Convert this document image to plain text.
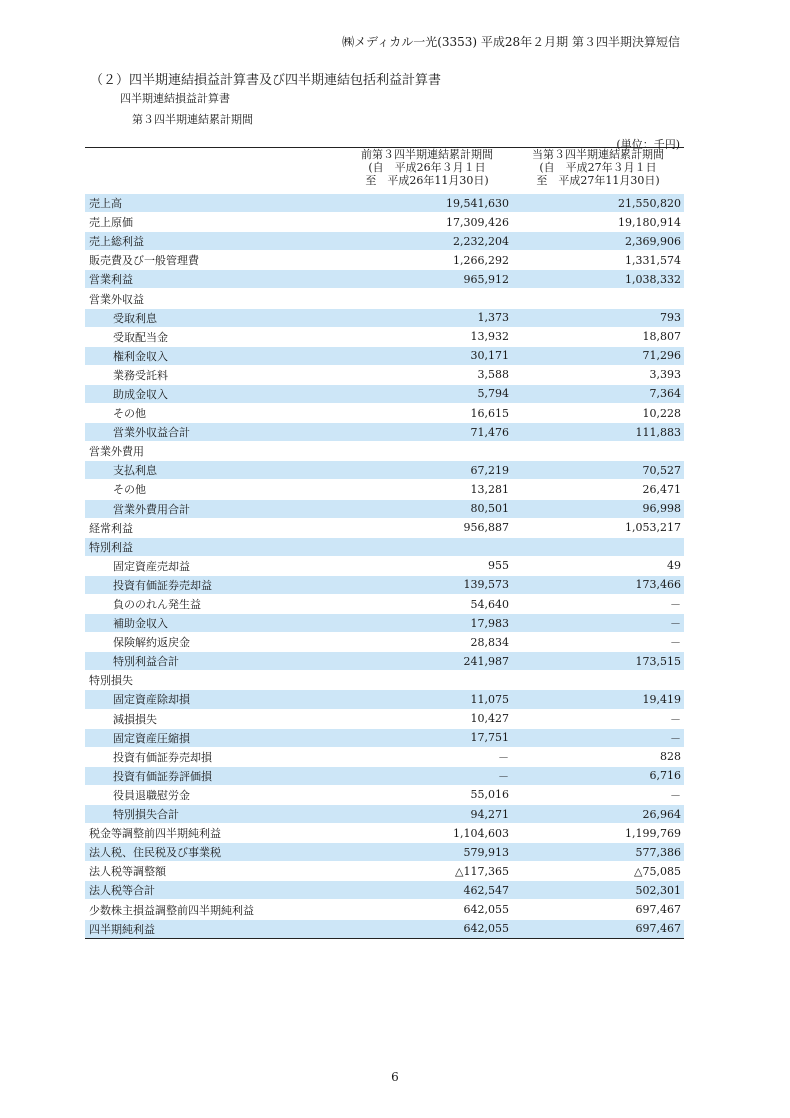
㈱メディカル一光(3353) 平成28年２月期 第３四半期決算短信
（２）四半期連結損益計算書及び四半期連結包括利益計算書
四半期連結損益計算書
第３四半期連結累計期間
(単位：千円)

	前第３四半期連結累計期間
(自　平成26年３月１日
至　平成26年11月30日)	当第３四半期連結累計期間
(自　平成27年３月１日
至　平成27年11月30日)

売上高	19,541,630	21,550,820
売上原価	17,309,426	19,180,914
売上総利益	2,232,204	2,369,906
販売費及び一般管理費	1,266,292	1,331,574
営業利益	965,912	1,038,332
営業外収益		
受取利息	1,373	793
受取配当金	13,932	18,807
権利金収入	30,171	71,296
業務受託料	3,588	3,393
助成金収入	5,794	7,364
その他	16,615	10,228
営業外収益合計	71,476	111,883
営業外費用		
支払利息	67,219	70,527
その他	13,281	26,471
営業外費用合計	80,501	96,998
経常利益	956,887	1,053,217
特別利益		
固定資産売却益	955	49
投資有価証券売却益	139,573	173,466
負ののれん発生益	54,640	－
補助金収入	17,983	－
保険解約返戻金	28,834	－
特別利益合計	241,987	173,515
特別損失		
固定資産除却損	11,075	19,419
減損損失	10,427	－
固定資産圧縮損	17,751	－
投資有価証券売却損	－	828
投資有価証券評価損	－	6,716
役員退職慰労金	55,016	－
特別損失合計	94,271	26,964
税金等調整前四半期純利益	1,104,603	1,199,769
法人税、住民税及び事業税	579,913	577,386
法人税等調整額	△117,365	△75,085
法人税等合計	462,547	502,301
少数株主損益調整前四半期純利益	642,055	697,467
四半期純利益	642,055	697,467
6
